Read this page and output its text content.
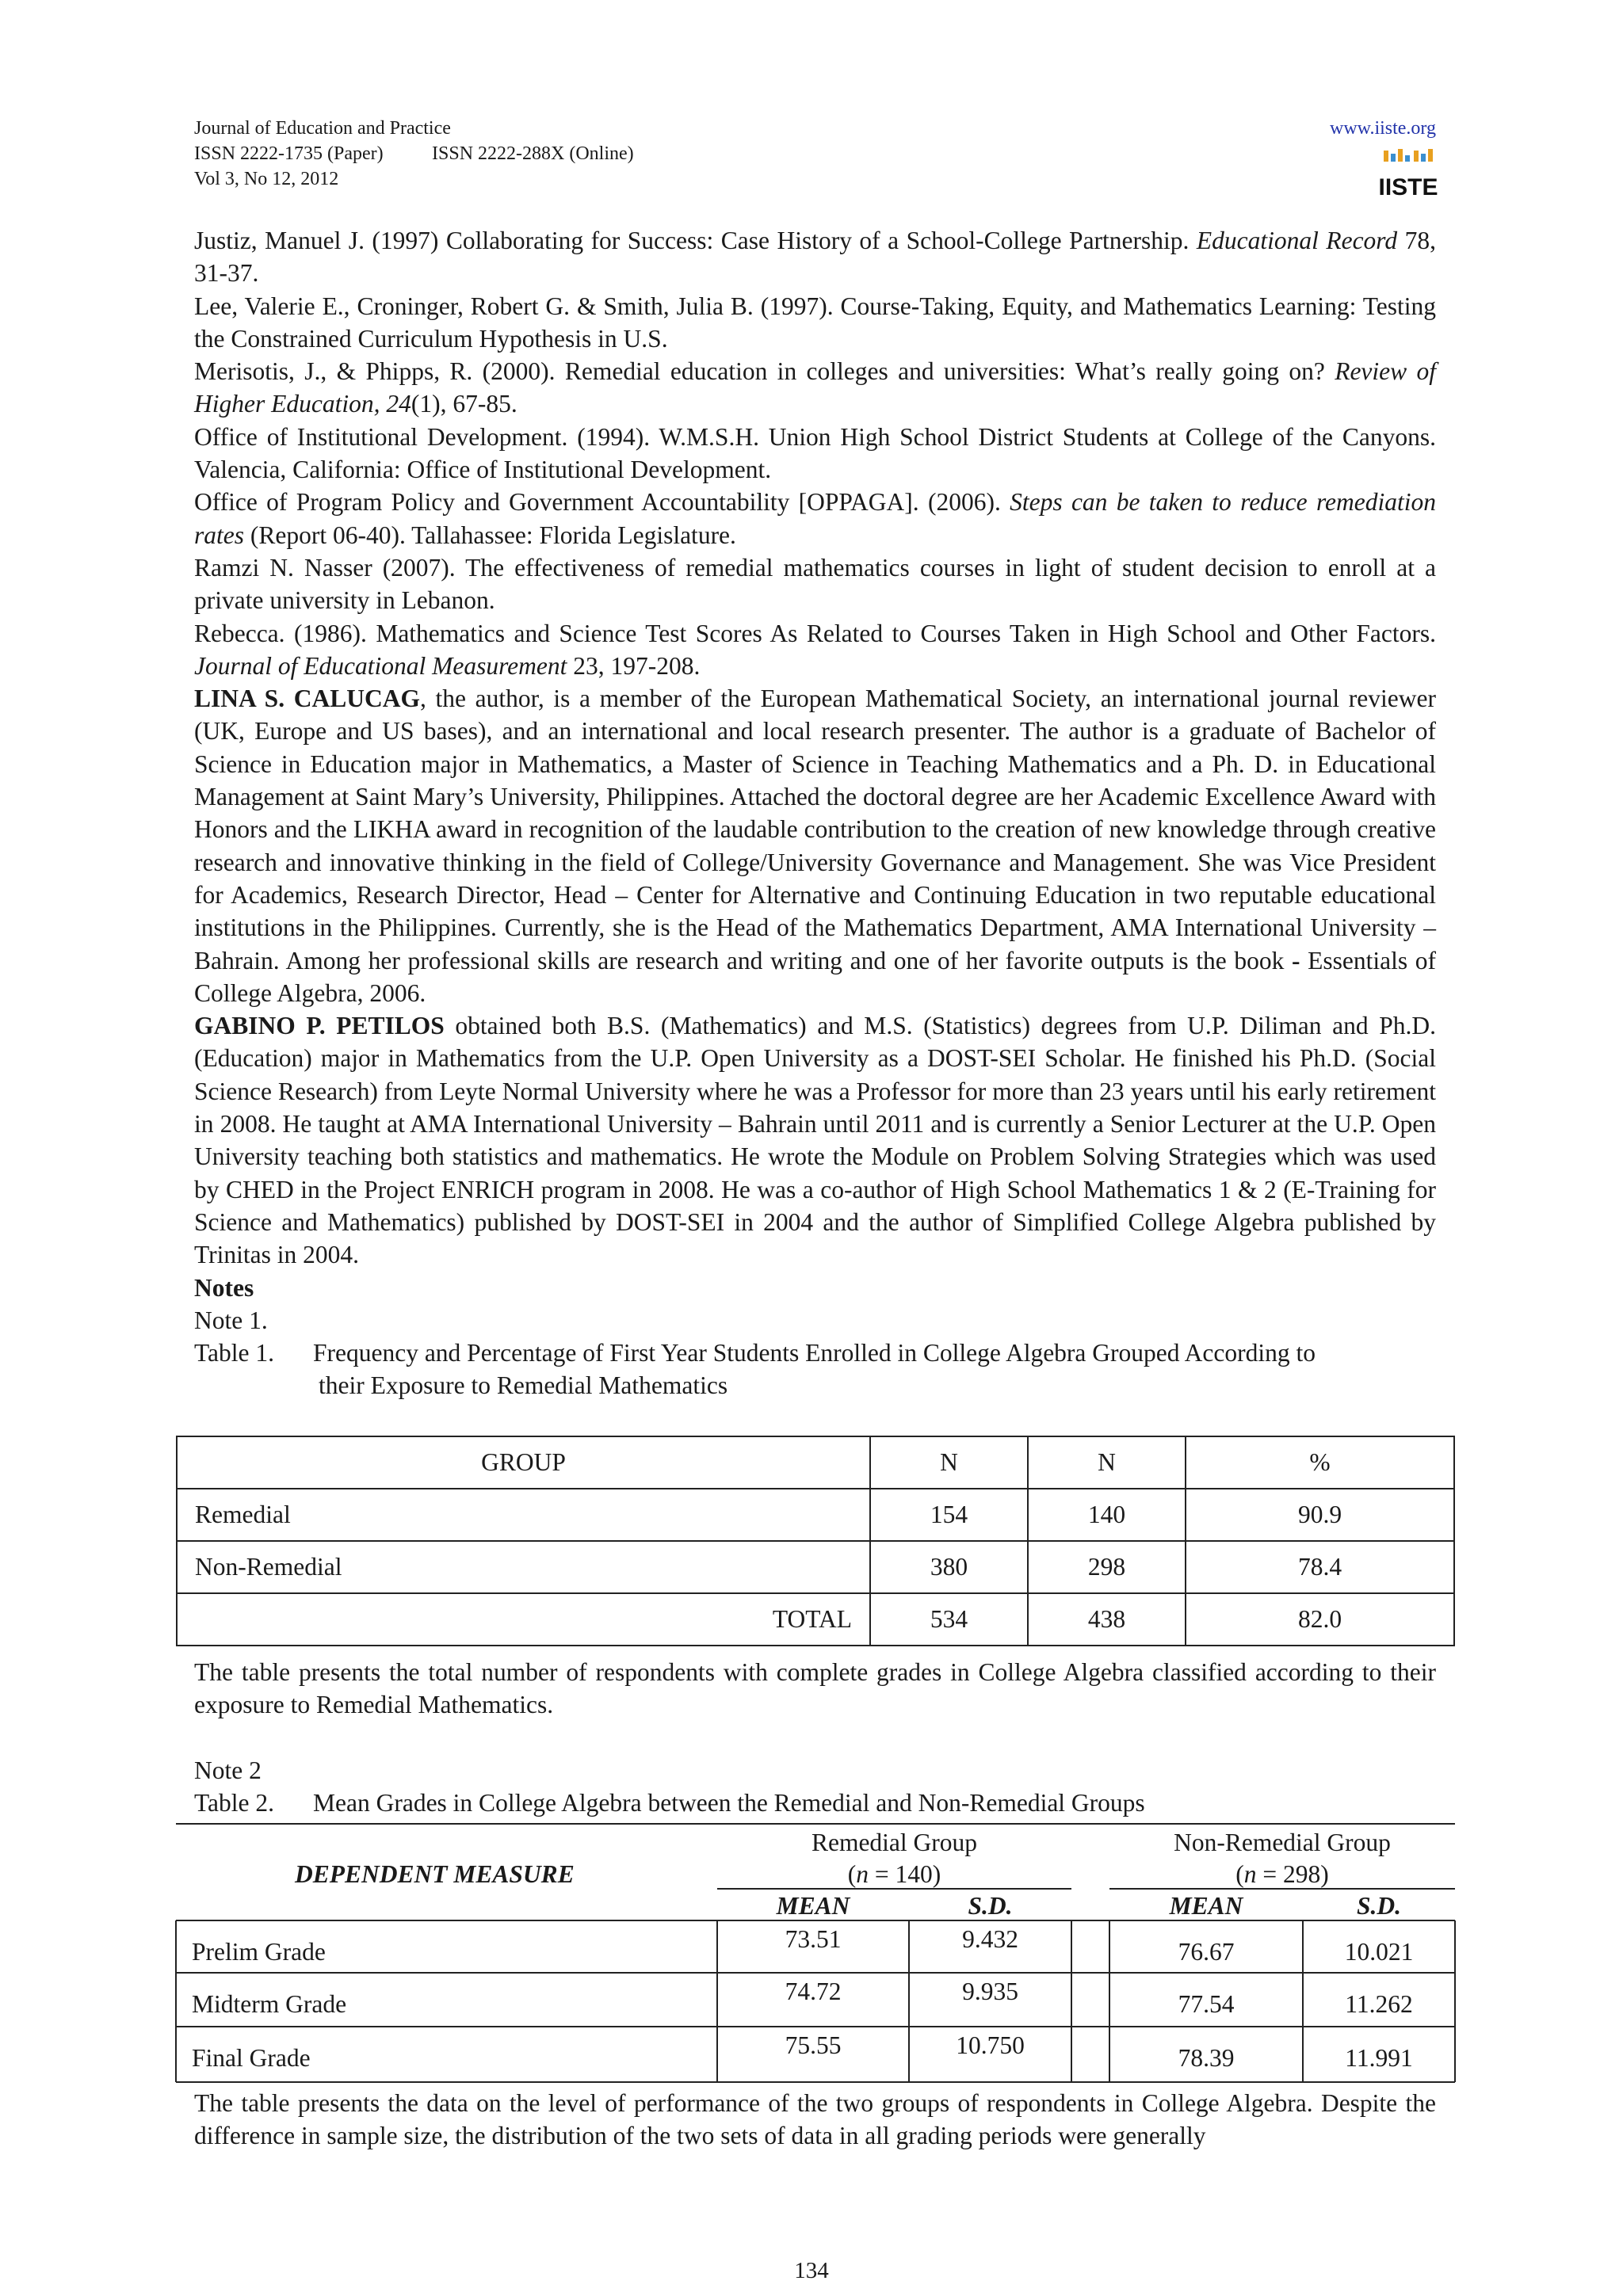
Journal of Education and Practice
ISSN 2222-1735 (Paper)	ISSN 2222-288X (Online)
Vol 3, No 12, 2012
www.iiste.org
IISTE

Justiz, Manuel J. (1997) Collaborating for Success: Case History of a School-College Partnership. Educational Record 78, 31-37.

Lee, Valerie E., Croninger, Robert G. & Smith, Julia B. (1997). Course-Taking, Equity, and Mathematics Learning: Testing the Constrained Curriculum Hypothesis in U.S.

Merisotis, J., & Phipps, R. (2000). Remedial education in colleges and universities: What’s really going on? Review of Higher Education, 24(1), 67-85.

Office of Institutional Development. (1994). W.M.S.H. Union High School District Students at College of the Canyons. Valencia, California: Office of Institutional Development.

Office of Program Policy and Government Accountability [OPPAGA]. (2006). Steps can be taken to reduce remediation rates (Report 06-40). Tallahassee: Florida Legislature.

Ramzi N. Nasser (2007). The effectiveness of remedial mathematics courses in light of student decision to enroll at a private university in Lebanon.

Rebecca. (1986). Mathematics and Science Test Scores As Related to Courses Taken in High School and Other Factors. Journal of Educational Measurement 23, 197-208.

LINA S. CALUCAG, the author, is a member of the European Mathematical Society, an international journal reviewer (UK, Europe and US bases), and an international and local research presenter. The author is a graduate of Bachelor of Science in Education major in Mathematics, a Master of Science in Teaching Mathematics and a Ph. D. in Educational Management at Saint Mary’s University, Philippines. Attached the doctoral degree are her Academic Excellence Award with Honors and the LIKHA award in recognition of the laudable contribution to the creation of new knowledge through creative research and innovative thinking in the field of College/University Governance and Management. She was Vice President for Academics, Research Director, Head – Center for Alternative and Continuing Education in two reputable educational institutions in the Philippines. Currently, she is the Head of the Mathematics Department, AMA International University – Bahrain. Among her professional skills are research and writing and one of her favorite outputs is the book - Essentials of College Algebra, 2006.

GABINO P. PETILOS obtained both B.S. (Mathematics) and M.S. (Statistics) degrees from U.P. Diliman and Ph.D. (Education) major in Mathematics from the U.P. Open University as a DOST-SEI Scholar. He finished his Ph.D. (Social Science Research) from Leyte Normal University where he was a Professor for more than 23 years until his early retirement in 2008. He taught at AMA International University – Bahrain until 2011 and is currently a Senior Lecturer at the U.P. Open University teaching both statistics and mathematics. He wrote the Module on Problem Solving Strategies which was used by CHED in the Project ENRICH program in 2008. He was a co-author of High School Mathematics 1 & 2 (E-Training for Science and Mathematics) published by DOST-SEI in 2004 and the author of Simplified College Algebra published by Trinitas in 2004.

Notes

Note 1.

Table 1. Frequency and Percentage of First Year Students Enrolled in College Algebra Grouped According to
their Exposure to Remedial Mathematics
GROUP	N	N	%
Remedial	154	140	90.9
Non-Remedial	380	298	78.4
TOTAL	534	438	82.0
The table presents the total number of respondents with complete grades in College Algebra classified according to their exposure to Remedial Mathematics.
Note 2
Table 2. Mean Grades in College Algebra between the Remedial and Non-Remedial Groups
DEPENDENT MEASURE
Remedial Group
(n = 140)
Non-Remedial Group
(n = 298)
MEAN	S.D.	MEAN	S.D.
Prelim Grade	73.51	9.432	76.67	10.021
Midterm Grade	74.72	9.935	77.54	11.262
Final Grade	75.55	10.750	78.39	11.991
The table presents the data on the level of performance of the two groups of respondents in College Algebra. Despite the difference in sample size, the distribution of the two sets of data in all grading periods were generally
134
